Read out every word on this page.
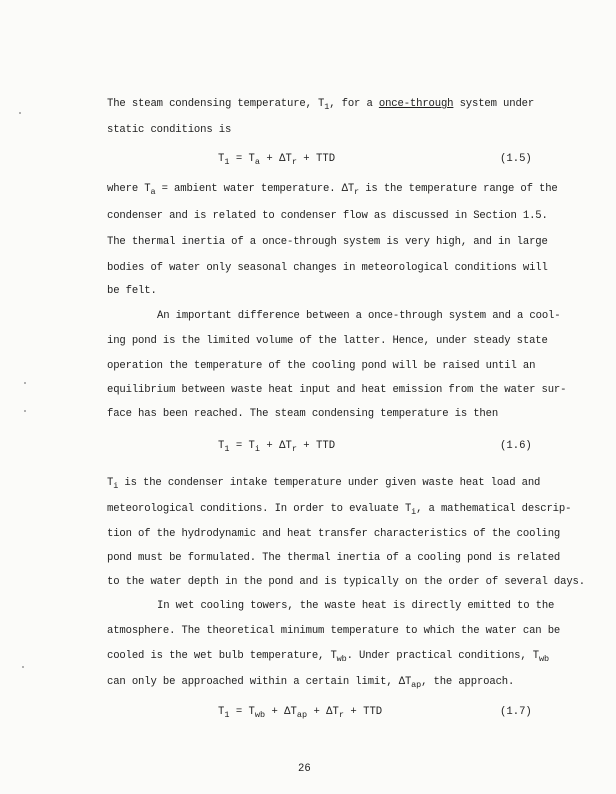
The steam condensing temperature, $T_1$, for a once-through system under
static conditions is
$T_1 = T_a + \Delta T_r$ + TTD	(1.5)
where $T_a$ = ambient water temperature. $\Delta T_r$ is the temperature range of the
condenser and is related to condenser flow as discussed in Section 1.5.
The thermal inertia of a once-through system is very high, and in large
bodies of water only seasonal changes in meteorological conditions will
be felt.
An important difference between a once-through system and a cool-
ing pond is the limited volume of the latter. Hence, under steady state
operation the temperature of the cooling pond will be raised until an
equilibrium between waste heat input and heat emission from the water sur-
face has been reached. The steam condensing temperature is then
$T_1 = T_i + \Delta T_r$ + TTD	(1.6)
$T_i$ is the condenser intake temperature under given waste heat load and
meteorological conditions. In order to evaluate $T_i$, a mathematical descrip-
tion of the hydrodynamic and heat transfer characteristics of the cooling
pond must be formulated. The thermal inertia of a cooling pond is related
to the water depth in the pond and is typically on the order of several days.
In wet cooling towers, the waste heat is directly emitted to the
atmosphere. The theoretical minimum temperature to which the water can be
cooled is the wet bulb temperature, $T_{wb}$. Under practical conditions, $T_{wb}$
can only be approached within a certain limit, $\Delta T_{ap}$, the approach.
$T_1 = T_{wb} + \Delta T_{ap} + \Delta T_r$ + TTD	(1.7)
26
